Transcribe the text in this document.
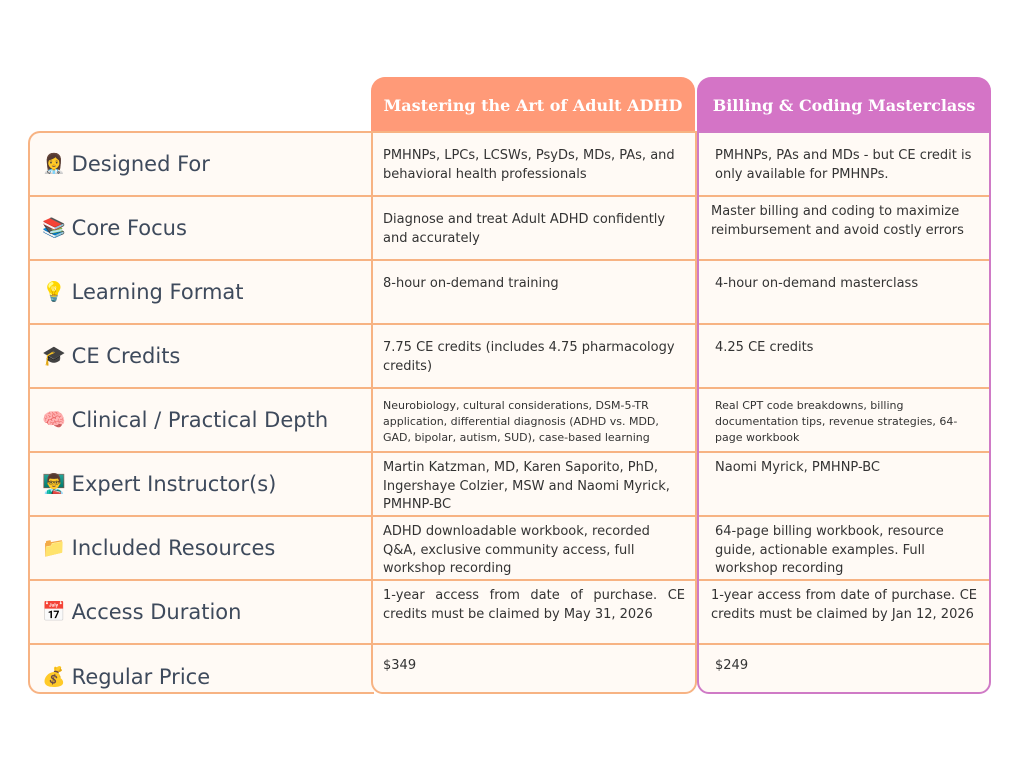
Mastering the Art of Adult ADHD	Billing & Coding Masterclass
👩‍⚕️ Designed For
📚 Core Focus
💡 Learning Format
🎓 CE Credits
🧠 Clinical / Practical Depth
👨‍🏫 Expert Instructor(s)
📁 Included Resources
📅 Access Duration
💰 Regular Price
PMHNPs, LPCs, LCSWs, PsyDs, MDs, PAs, and behavioral health professionals
Diagnose and treat Adult ADHD confidently and accurately
8-hour on-demand training
7.75 CE credits (includes 4.75 pharmacology credits)
Neurobiology, cultural considerations, DSM-5-TR application, differential diagnosis (ADHD vs. MDD, GAD, bipolar, autism, SUD), case-based learning
Martin Katzman, MD, Karen Saporito, PhD, Ingershaye Colzier, MSW and Naomi Myrick, PMHNP-BC
ADHD downloadable workbook, recorded Q&A, exclusive community access, full workshop recording
1-year access from date of purchase. CE credits must be claimed by May 31, 2026
$349
PMHNPs, PAs and MDs - but CE credit is only available for PMHNPs.
Master billing and coding to maximize reimbursement and avoid costly errors
4-hour on-demand masterclass
4.25 CE credits
Real CPT code breakdowns, billing documentation tips, revenue strategies, 64-page workbook
Naomi Myrick, PMHNP-BC
64-page billing workbook, resource guide, actionable examples. Full workshop recording
1-year access from date of purchase. CE credits must be claimed by Jan 12, 2026
$249
